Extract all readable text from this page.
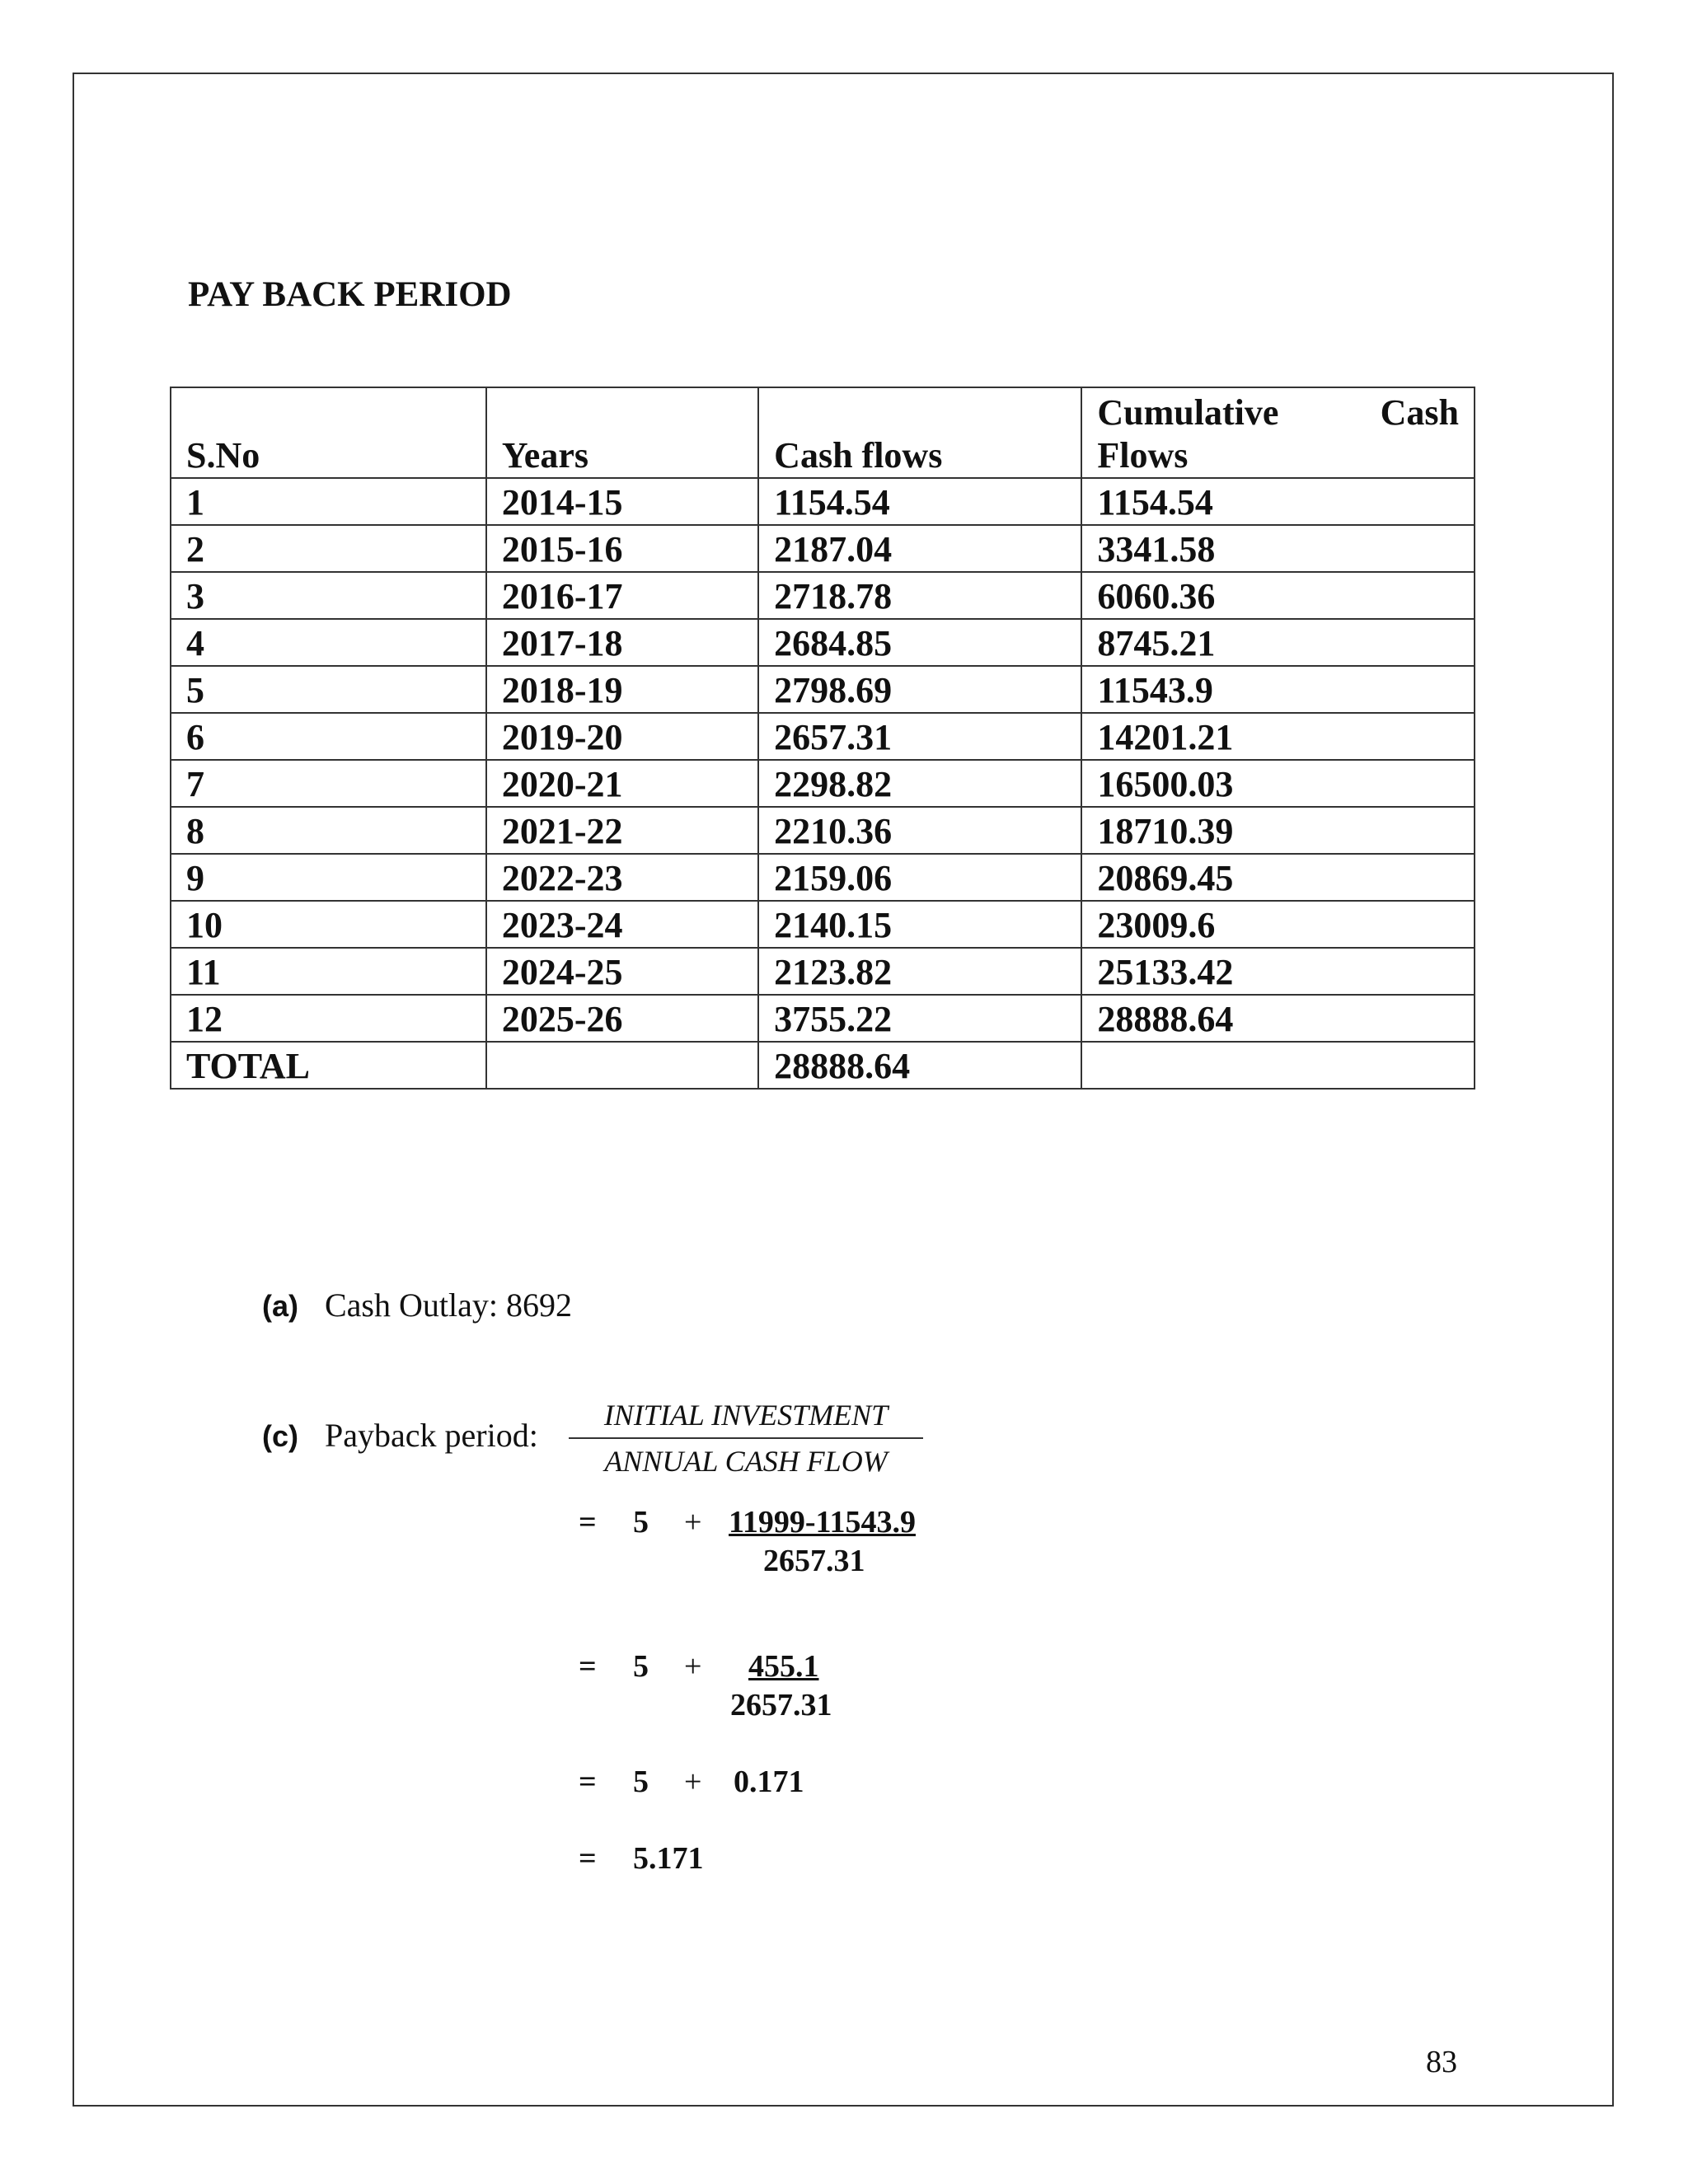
PAY BACK PERIOD
S.No	Years	Cash flows	Cumulative Cash
Flows

1	2014-15	1154.54	1154.54
2	2015-16	2187.04	3341.58
3	2016-17	2718.78	6060.36
4	2017-18	2684.85	8745.21
5	2018-19	2798.69	11543.9
6	2019-20	2657.31	14201.21
7	2020-21	2298.82	16500.03
8	2021-22	2210.36	18710.39
9	2022-23	2159.06	20869.45
10	2023-24	2140.15	23009.6
11	2024-25	2123.82	25133.42
12	2025-26	3755.22	28888.64
TOTAL		28888.64	
(a) Cash Outlay: 8692
(c) Payback period:
INITIAL INVESTMENT
ANNUAL CASH FLOW
= 5 + 11999-11543.9
2657.31
= 5 + 455.1
2657.31
= 5 + 0.171
= 5.171
83
